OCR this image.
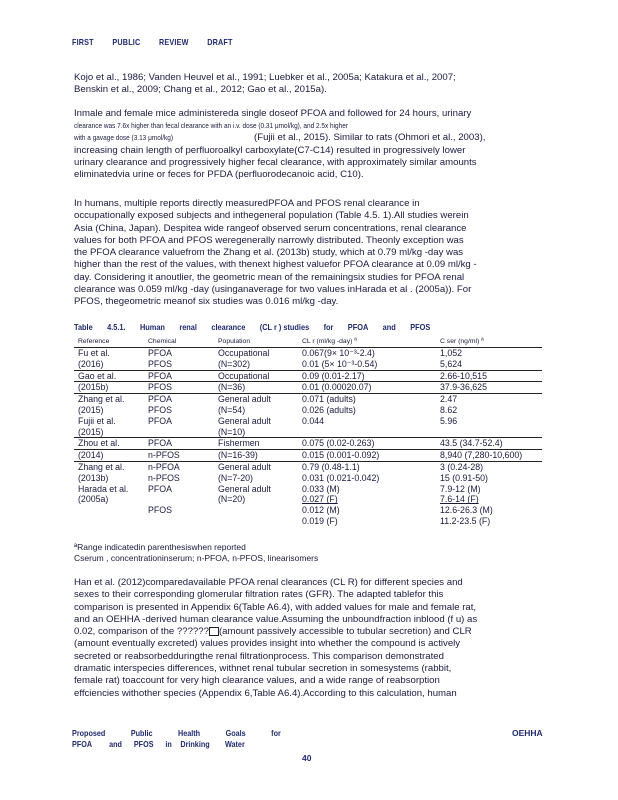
FIRST PUBLIC REVIEW DRAFT

Kojo et al., 1986; Vanden Heuvel et al., 1991; Luebker et al., 2005a; Katakura et al., 2007;

Benskin et al., 2009; Chang et al., 2012; Gao et al., 2015a).

Inmale and female mice administereda single doseof PFOA and followed for 24 hours, urinary

clearance was 7.6x higher than fecal clearance with an i.v. dose (0.31 μmol/kg), and 2.5x higher

with a gavage dose (3.13 μmol/kg)	(Fujii et al., 2015). Similar to rats (Ohmori et al., 2003),

increasing chain length of perfluoroalkyl carboxylate(C7-C14) resulted in progressively lower

urinary clearance and progressively higher fecal clearance, with approximately similar amounts

eliminatedvia urine or feces for PFDA (perfluorodecanoic acid, C10).

In humans, multiple reports directly measuredPFOA and PFOS renal clearance in

occupationally exposed subjects and inthegeneral population (Table 4.5. 1).All studies werein

Asia (China, Japan). Despitea wide rangeof observed serum concentrations, renal clearance

values for both PFOA and PFOS weregenerally narrowly distributed. Theonly exception was

the PFOA clearance valuefrom the Zhang et al. (2013b) study, which at 0.79 ml/kg -day was

higher than the rest of the values, with thenext highest valuefor PFOA clearance at 0.09 ml/kg -

day. Considering it anoutlier, the geometric mean of the remainingsix studies for PFOA renal

clearance was 0.059 ml/kg -day (usinganaverage for two values inHarada et al . (2005a)). For

PFOS, thegeometric meanof six studies was 0.016 ml/kg -day.

Table 4.5.1. Human renal clearance (CL r ) studies for PFOA and PFOS
Reference	Chemical	Population	CL r (ml/kg -day) ª	C ser (ng/ml) ª
Fu et al.	PFOA	Occupational	0.067(9× 10⁻³-2.4)	1,052
(2016)	PFOS	(N=302)	0.01 (5× 10⁻³-0.54)	5,624
Gao et al.	PFOA	Occupational	0.09 (0.01-2.17)	2.66-10,515
(2015b)	PFOS	(N=36)	0.01 (0.00020.07)	37.9-36,625
Zhang et al.	PFOA	General adult	0.071 (adults)	2.47
(2015)	PFOS	(N=54)	0.026 (adults)	8.62
Fujii et al.	PFOA	General adult	0.044	5.96
(2015)		(N=10)		
Zhou et al.	PFOA	Fishermen	0.075 (0.02-0.263)	43.5 (34.7-52.4)
(2014)	n-PFOS	(N=16-39)	0.015 (0.001-0.092)	8,940 (7,280-10,600)
Zhang et al.	n-PFOA	General adult	0.79 (0.48-1.1)	3 (0.24-28)
(2013b)	n-PFOS	(N=7-20)	0.031 (0.021-0.042)	15 (0.91-50)
Harada et al.	PFOA	General adult	0.033 (M)	7.9-12 (M)
(2005a)		(N=20)	0.027 (F)	7.6-14 (F)
	PFOS		0.012 (M)	12.6-26.3 (M)
			0.019 (F)	11.2-23.5 (F)
ªRange indicatedin parenthesiswhen reported
Cserum , concentrationinserum; n-PFOA, n-PFOS, linearisomers

Han et al. (2012)comparedavailable PFOA renal clearances (CL R) for different species and

sexes to their corresponding glomerular filtration rates (GFR). The adapted tablefor this

comparison is presented in Appendix 6(Table A6.4), with added values for male and female rat,

and an OEHHA -derived human clearance value.Assuming the unboundfraction inblood (f u) as

0.02, comparison of the ?????? (amount passively accessible to tubular secretion) and CLR

(amount eventually excreted) values provides insight into whether the compound is actively

secreted or reabsorbedduringthe renal filtrationprocess. This comparison demonstrated

dramatic interspecies differences, withnet renal tubular secretion in somesystems (rabbit,

female rat) toaccount for very high clearance values, and a wide range of reabsorption

effciencies withother species (Appendix 6,Table A6.4).According to this calculation, human

Proposed	Public	Health	Goals	for	OEHHA
PFOA and PFOS in Drinking Water
40
